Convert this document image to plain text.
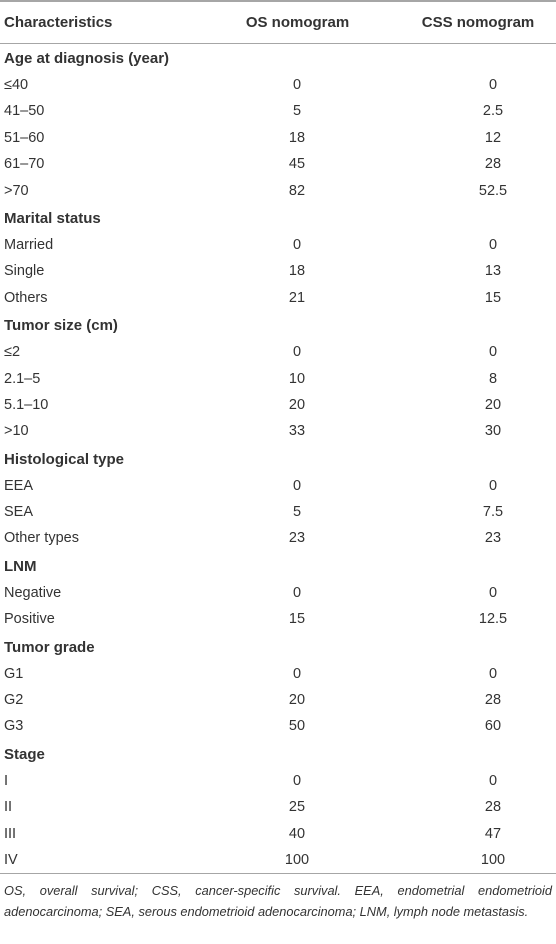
Characteristics	OS nomogram	CSS nomogram
Age at diagnosis (year)
≤40	0	0
41–50	5	2.5
51–60	18	12
61–70	45	28
>70	82	52.5
Marital status
Married	0	0
Single	18	13
Others	21	15
Tumor size (cm)
≤2	0	0
2.1–5	10	8
5.1–10	20	20
>10	33	30
Histological type
EEA	0	0
SEA	5	7.5
Other types	23	23
LNM
Negative	0	0
Positive	15	12.5
Tumor grade
G1	0	0
G2	20	28
G3	50	60
Stage
I	0	0
II	25	28
III	40	47
IV	100	100
OS, overall survival; CSS, cancer-specific survival. EEA, endometrial endometrioid adenocarcinoma; SEA, serous endometrioid adenocarcinoma; LNM, lymph node metastasis.
